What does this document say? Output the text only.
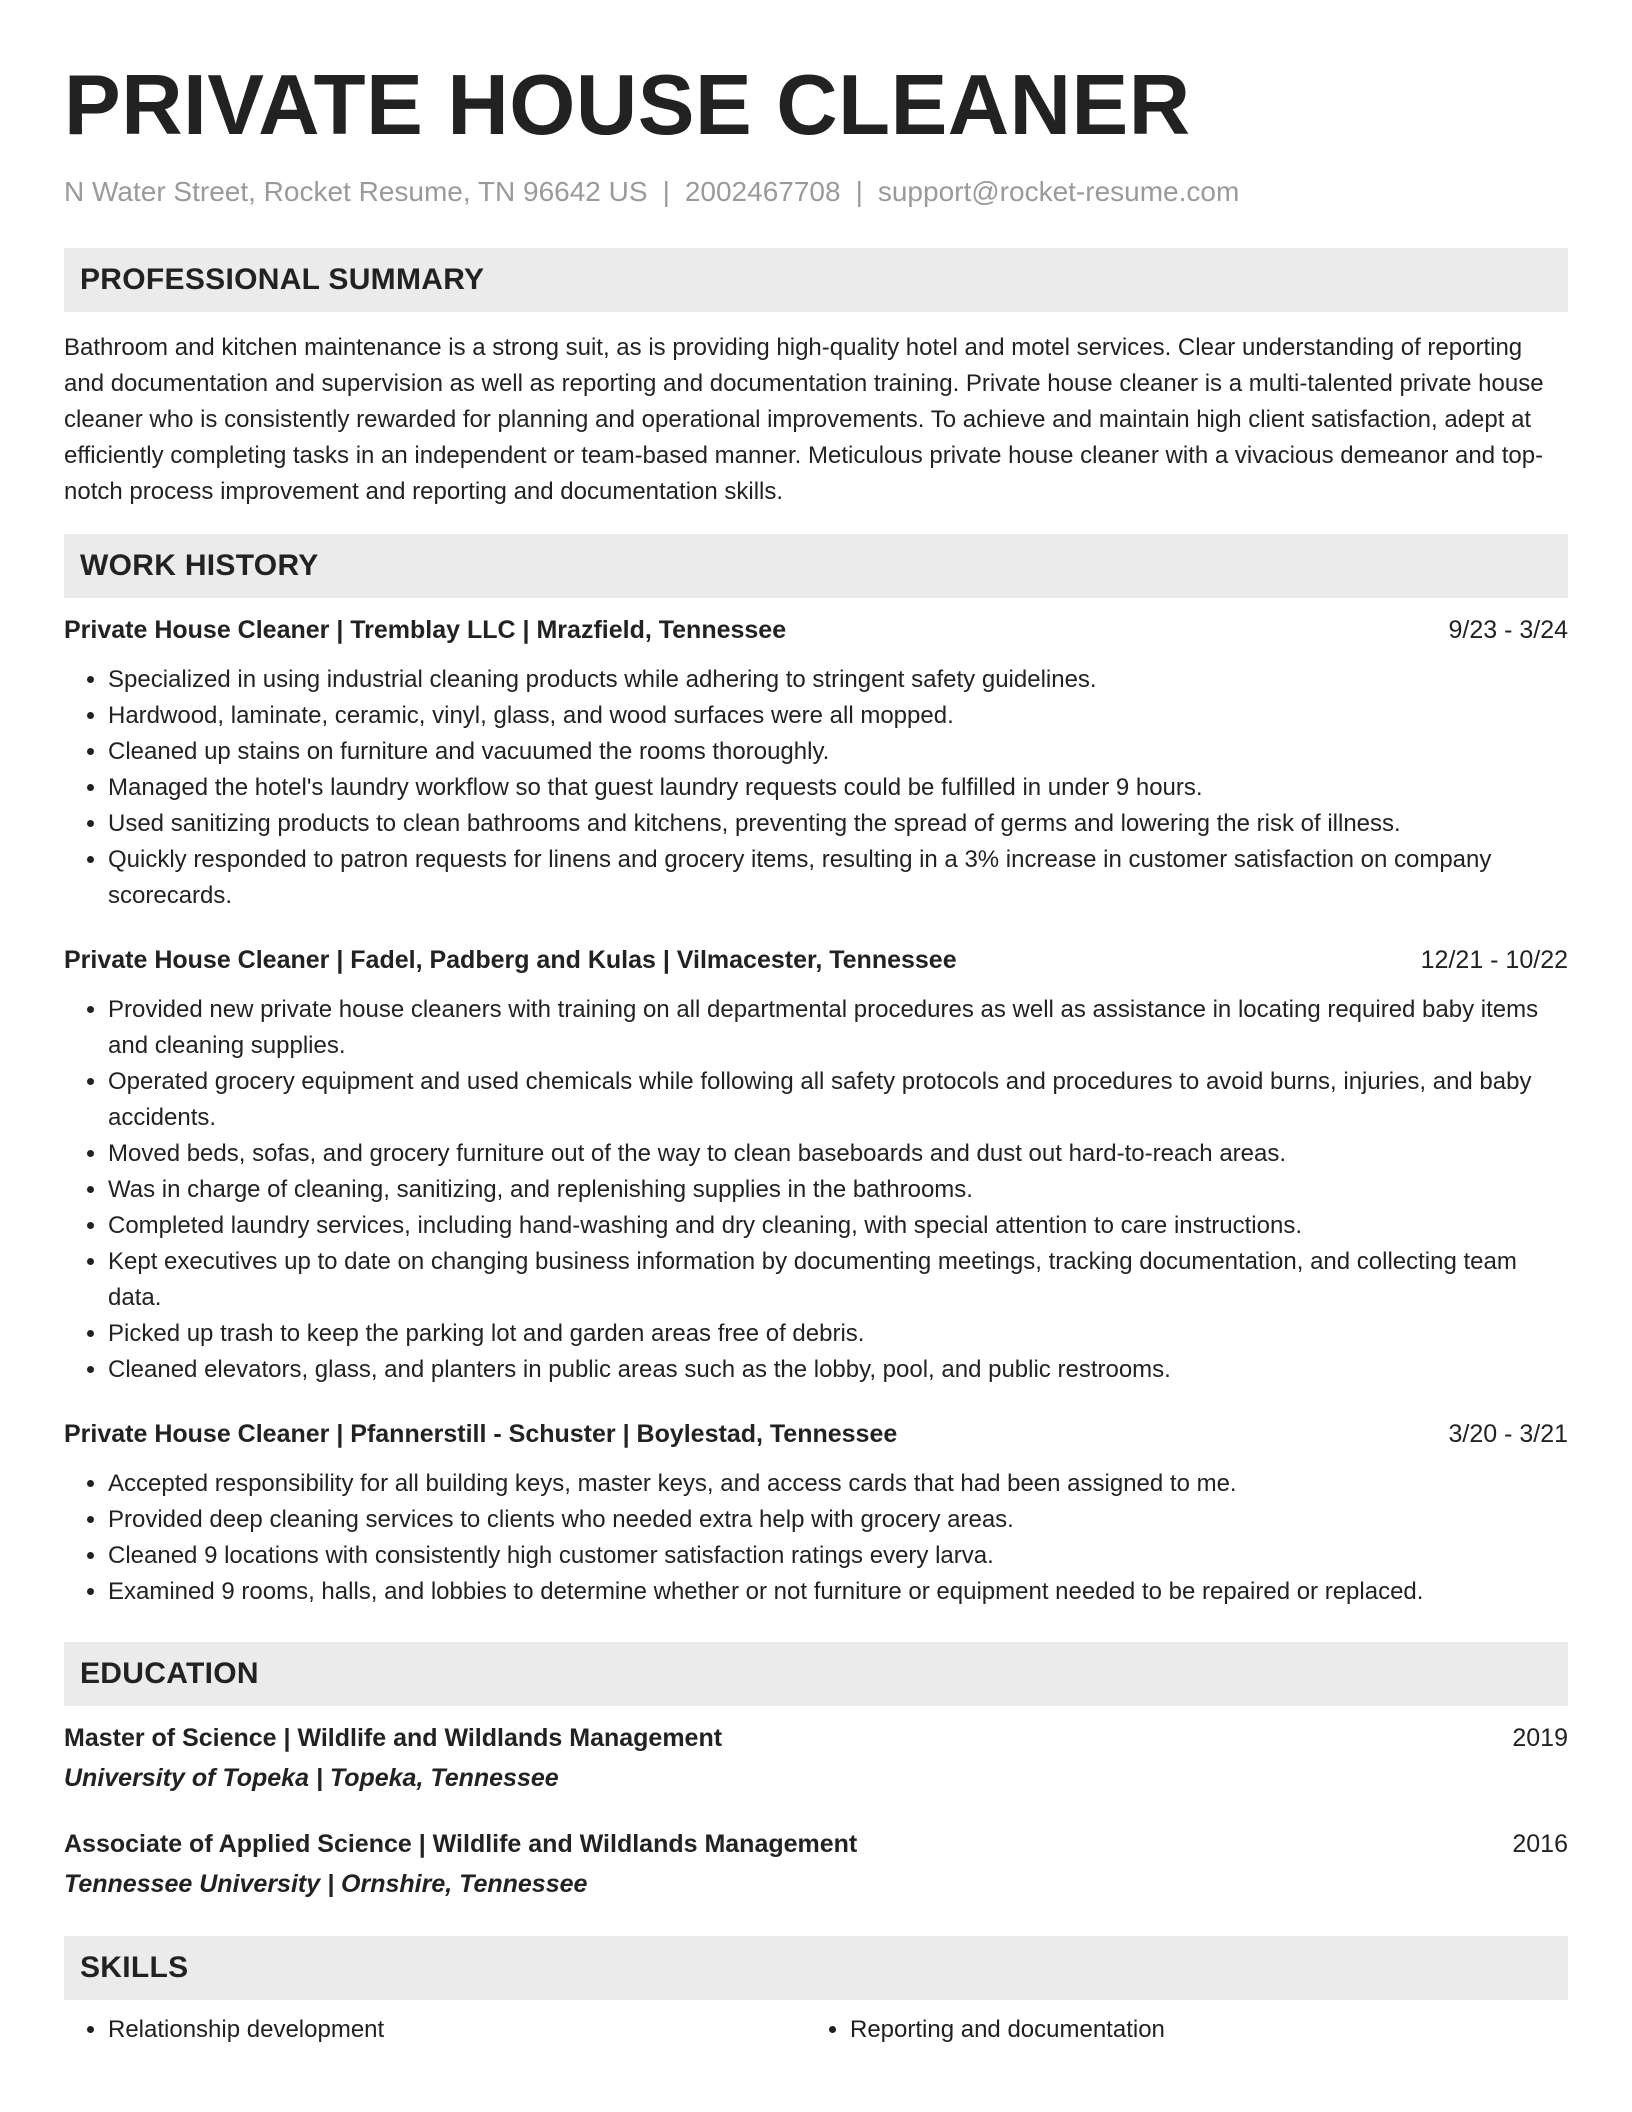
PRIVATE HOUSE CLEANER
N Water Street, Rocket Resume, TN 96642 US | 2002467708 | support@rocket-resume.com
PROFESSIONAL SUMMARY

Bathroom and kitchen maintenance is a strong suit, as is providing high-quality hotel and motel services. Clear understanding of reporting and documentation and supervision as well as reporting and documentation training. Private house cleaner is a multi-talented private house cleaner who is consistently rewarded for planning and operational improvements. To achieve and maintain high client satisfaction, adept at efficiently completing tasks in an independent or team-based manner. Meticulous private house cleaner with a vivacious demeanor and top-notch process improvement and reporting and documentation skills.

WORK HISTORY
Private House Cleaner | Tremblay LLC | Mrazfield, Tennessee	9/23 - 3/24
• Specialized in using industrial cleaning products while adhering to stringent safety guidelines.
• Hardwood, laminate, ceramic, vinyl, glass, and wood surfaces were all mopped.
• Cleaned up stains on furniture and vacuumed the rooms thoroughly.
• Managed the hotel's laundry workflow so that guest laundry requests could be fulfilled in under 9 hours.
• Used sanitizing products to clean bathrooms and kitchens, preventing the spread of germs and lowering the risk of illness.
• Quickly responded to patron requests for linens and grocery items, resulting in a 3% increase in customer satisfaction on company scorecards.
Private House Cleaner | Fadel, Padberg and Kulas | Vilmacester, Tennessee	12/21 - 10/22
• Provided new private house cleaners with training on all departmental procedures as well as assistance in locating required baby items and cleaning supplies.
• Operated grocery equipment and used chemicals while following all safety protocols and procedures to avoid burns, injuries, and baby accidents.
• Moved beds, sofas, and grocery furniture out of the way to clean baseboards and dust out hard-to-reach areas.
• Was in charge of cleaning, sanitizing, and replenishing supplies in the bathrooms.
• Completed laundry services, including hand-washing and dry cleaning, with special attention to care instructions.
• Kept executives up to date on changing business information by documenting meetings, tracking documentation, and collecting team data.
• Picked up trash to keep the parking lot and garden areas free of debris.
• Cleaned elevators, glass, and planters in public areas such as the lobby, pool, and public restrooms.
Private House Cleaner | Pfannerstill - Schuster | Boylestad, Tennessee	3/20 - 3/21
• Accepted responsibility for all building keys, master keys, and access cards that had been assigned to me.
• Provided deep cleaning services to clients who needed extra help with grocery areas.
• Cleaned 9 locations with consistently high customer satisfaction ratings every larva.
• Examined 9 rooms, halls, and lobbies to determine whether or not furniture or equipment needed to be repaired or replaced.
EDUCATION
Master of Science | Wildlife and Wildlands Management	2019
University of Topeka | Topeka, Tennessee
Associate of Applied Science | Wildlife and Wildlands Management	2016
Tennessee University | Ornshire, Tennessee
SKILLS
• Relationship development
•	Reporting and documentation
